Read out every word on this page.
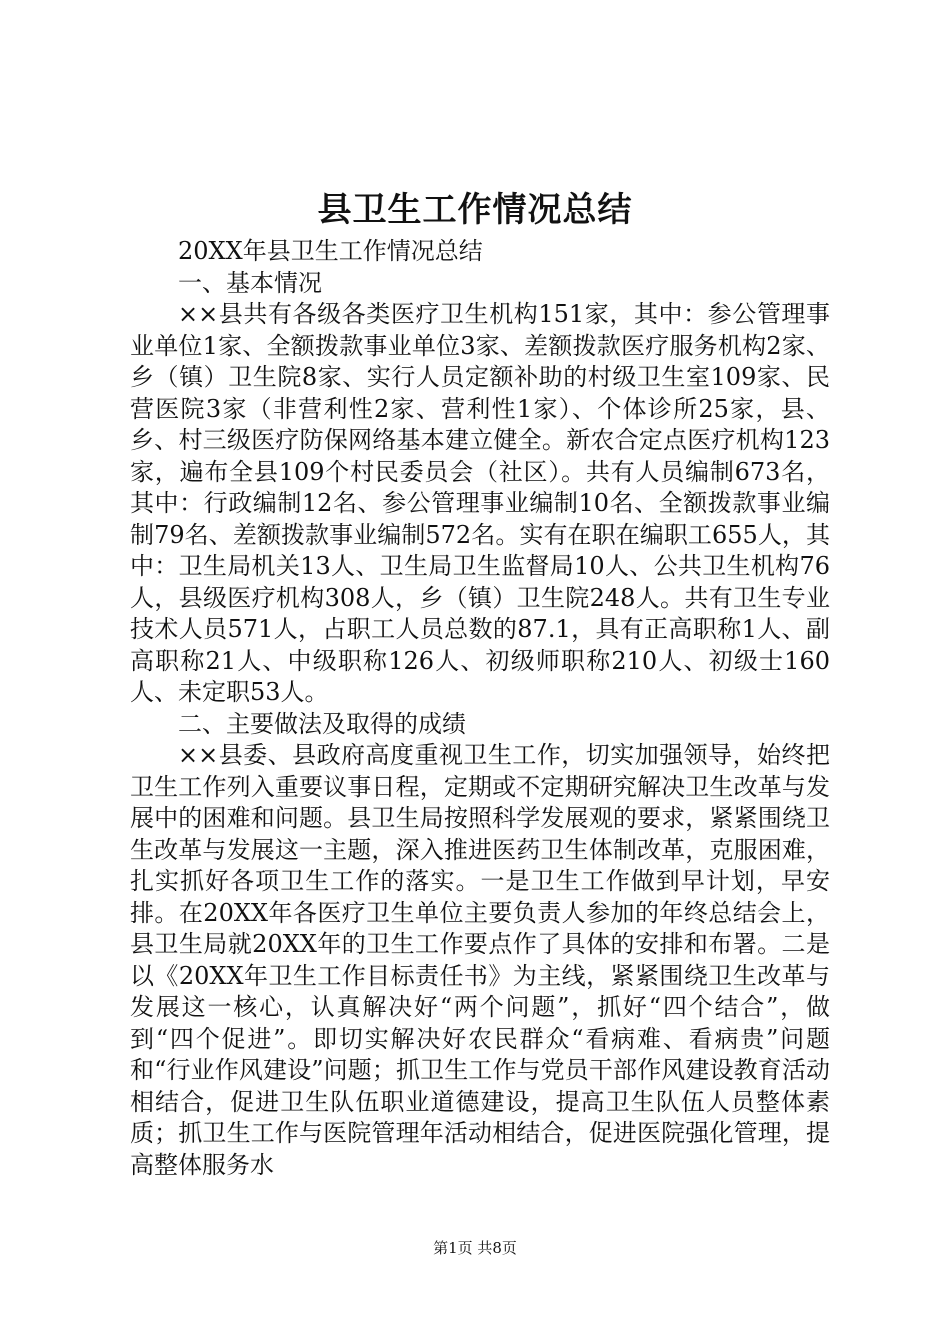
县卫生工作情况总结

20XX年县卫生工作情况总结

一、基本情况

××县共有各级各类医疗卫生机构151家，其中：参公管理事业单位1家、全额拨款事业单位3家、差额拨款医疗服务机构2家、乡（镇）卫生院8家、实行人员定额补助的村级卫生室109家、民营医院3家（非营利性2家、营利性1家）、个体诊所25家，县、乡、村三级医疗防保网络基本建立健全。新农合定点医疗机构123家，遍布全县109个村民委员会（社区）。共有人员编制673名，其中：行政编制12名、参公管理事业编制10名、全额拨款事业编制79名、差额拨款事业编制572名。实有在职在编职工655人，其中：卫生局机关13人、卫生局卫生监督局10人、公共卫生机构76人，县级医疗机构308人，乡（镇）卫生院248人。共有卫生专业技术人员571人，占职工人员总数的87.1，具有正高职称1人、副高职称21人、中级职称126人、初级师职称210人、初级士160人、未定职53人。

二、主要做法及取得的成绩

××县委、县政府高度重视卫生工作，切实加强领导，始终把卫生工作列入重要议事日程，定期或不定期研究解决卫生改革与发展中的困难和问题。县卫生局按照科学发展观的要求，紧紧围绕卫生改革与发展这一主题，深入推进医药卫生体制改革，克服困难，扎实抓好各项卫生工作的落实。一是卫生工作做到早计划，早安排。在20XX年各医疗卫生单位主要负责人参加的年终总结会上，县卫生局就20XX年的卫生工作要点作了具体的安排和布署。二是以《20XX年卫生工作目标责任书》为主线，紧紧围绕卫生改革与发展这一核心，认真解决好“两个问题”，抓好“四个结合”，做到“四个促进”。即切实解决好农民群众“看病难、看病贵”问题和“行业作风建设”问题；抓卫生工作与党员干部作风建设教育活动相结合，促进卫生队伍职业道德建设，提高卫生队伍人员整体素质；抓卫生工作与医院管理年活动相结合，促进医院强化管理，提高整体服务水

第1页 共8页
